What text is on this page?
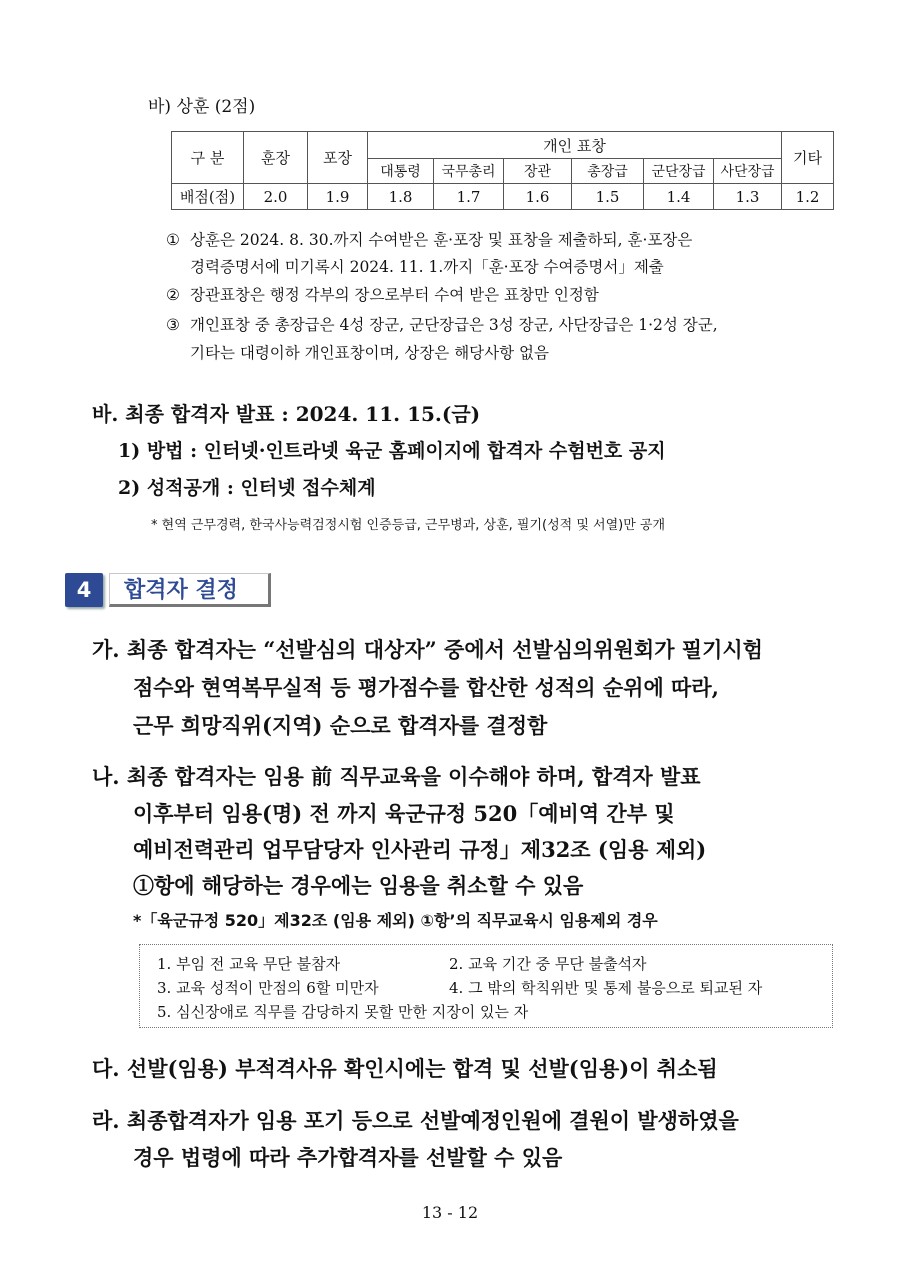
바) 상훈 (2점)
구 분	훈장	포장	개인 표창						기타
			대통령	국무총리	장관	총장급	군단장급	사단장급	
배점(점)	2.0	1.9	1.8	1.7	1.6	1.5	1.4	1.3	1.2
① 상훈은 2024. 8. 30.까지 수여받은 훈·포장 및 표창을 제출하되, 훈·포장은
경력증명서에 미기록시 2024. 11. 1.까지「훈·포장 수여증명서」제출
② 장관표창은 행정 각부의 장으로부터 수여 받은 표창만 인정함
③ 개인표창 중 총장급은 4성 장군, 군단장급은 3성 장군, 사단장급은 1·2성 장군,
기타는 대령이하 개인표창이며, 상장은 해당사항 없음
바. 최종 합격자 발표 : 2024. 11. 15.(금)
1) 방법 : 인터넷·인트라넷 육군 홈페이지에 합격자 수험번호 공지
2) 성적공개 : 인터넷 접수체계
* 현역 근무경력, 한국사능력검정시험 인증등급, 근무병과, 상훈, 필기(성적 및 서열)만 공개
4	합격자 결정
가. 최종 합격자는 “선발심의 대상자” 중에서 선발심의위원회가 필기시험
점수와 현역복무실적 등 평가점수를 합산한 성적의 순위에 따라,
근무 희망직위(지역) 순으로 합격자를 결정함
나. 최종 합격자는 임용 前 직무교육을 이수해야 하며, 합격자 발표
이후부터 임용(명) 전 까지 육군규정 520「예비역 간부 및
예비전력관리 업무담당자 인사관리 규정」제32조 (임용 제외)
①항에 해당하는 경우에는 임용을 취소할 수 있음
*「육군규정 520」제32조 (임용 제외) ①항’의 직무교육시 임용제외 경우
1. 부임 전 교육 무단 불참자	2. 교육 기간 중 무단 불출석자
3. 교육 성적이 만점의 6할 미만자	4. 그 밖의 학칙위반 및 통제 불응으로 퇴교된 자
5. 심신장애로 직무를 감당하지 못할 만한 지장이 있는 자
다. 선발(임용) 부적격사유 확인시에는 합격 및 선발(임용)이 취소됨
라. 최종합격자가 임용 포기 등으로 선발예정인원에 결원이 발생하였을
경우 법령에 따라 추가합격자를 선발할 수 있음
13 - 12
